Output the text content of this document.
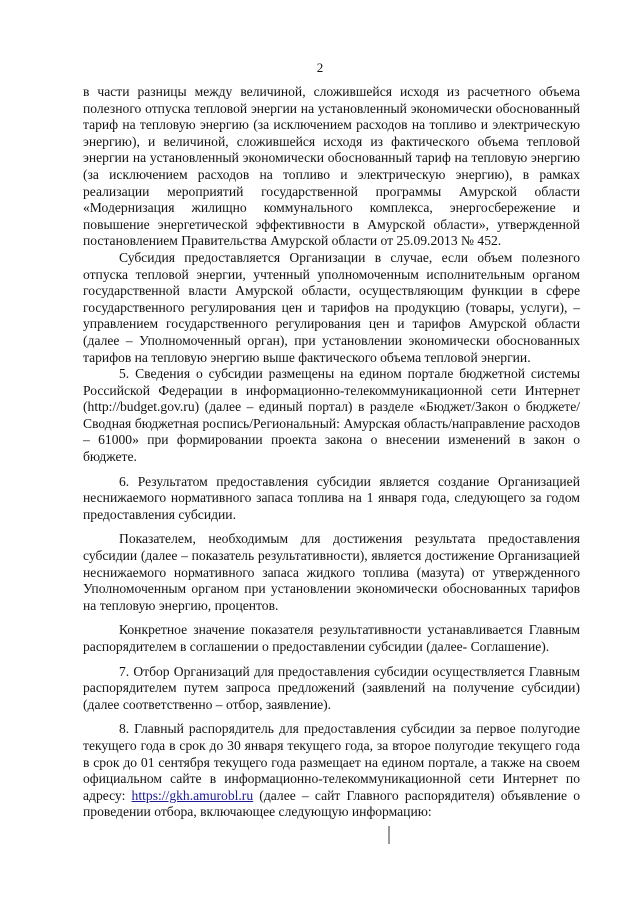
2

в части разницы между величиной, сложившейся исходя из расчетного объема полезного отпуска тепловой энергии на установленный экономически обоснованный тариф на тепловую энергию (за исключением расходов на топливо и электрическую энергию), и величиной, сложившейся исходя из фактического объема тепловой энергии на установленный экономически обоснованный тариф на тепловую энергию (за исключением расходов на топливо и электрическую энергию), в рамках реализации мероприятий государственной программы Амурской области «Модернизация жилищно коммунального комплекса, энергосбережение и повышение энергетической эффективности в Амурской области», утвержденной постановлением Правительства Амурской области от 25.09.2013 № 452.

Субсидия предоставляется Организации в случае, если объем полезного отпуска тепловой энергии, учтенный уполномоченным исполнительным органом государственной власти Амурской области, осуществляющим функции в сфере государственного регулирования цен и тарифов на продукцию (товары, услуги), – управлением государственного регулирования цен и тарифов Амурской области (далее – Уполномоченный орган), при установлении экономически обоснованных тарифов на тепловую энергию выше фактического объема тепловой энергии.

5. Сведения о субсидии размещены на едином портале бюджетной системы Российской Федерации в информационно-телекоммуникационной сети Интернет (http://budget.gov.ru) (далее – единый портал) в разделе «Бюджет/Закон о бюджете/Сводная бюджетная роспись/Региональный: Амурская область/направление расходов – 61000» при формировании проекта закона о внесении изменений в закон о бюджете.

6. Результатом предоставления субсидии является создание Организацией неснижаемого нормативного запаса топлива на 1 января года, следующего за годом предоставления субсидии.

Показателем, необходимым для достижения результата предоставления субсидии (далее – показатель результативности), является достижение Организацией неснижаемого нормативного запаса жидкого топлива (мазута) от утвержденного Уполномоченным органом при установлении экономически обоснованных тарифов на тепловую энергию, процентов.

Конкретное значение показателя результативности устанавливается Главным распорядителем в соглашении о предоставлении субсидии (далее- Соглашение).

7. Отбор Организаций для предоставления субсидии осуществляется Главным распорядителем путем запроса предложений (заявлений на получение субсидии) (далее соответственно – отбор, заявление).

8. Главный распорядитель для предоставления субсидии за первое полугодие текущего года в срок до 30 января текущего года, за второе полугодие текущего года в срок до 01 сентября текущего года размещает на едином портале, а также на своем официальном сайте в информационно-телекоммуникационной сети Интернет по адресу: https://gkh.amurobl.ru (далее – сайт Главного распорядителя) объявление о проведении отбора, включающее следующую информацию:
